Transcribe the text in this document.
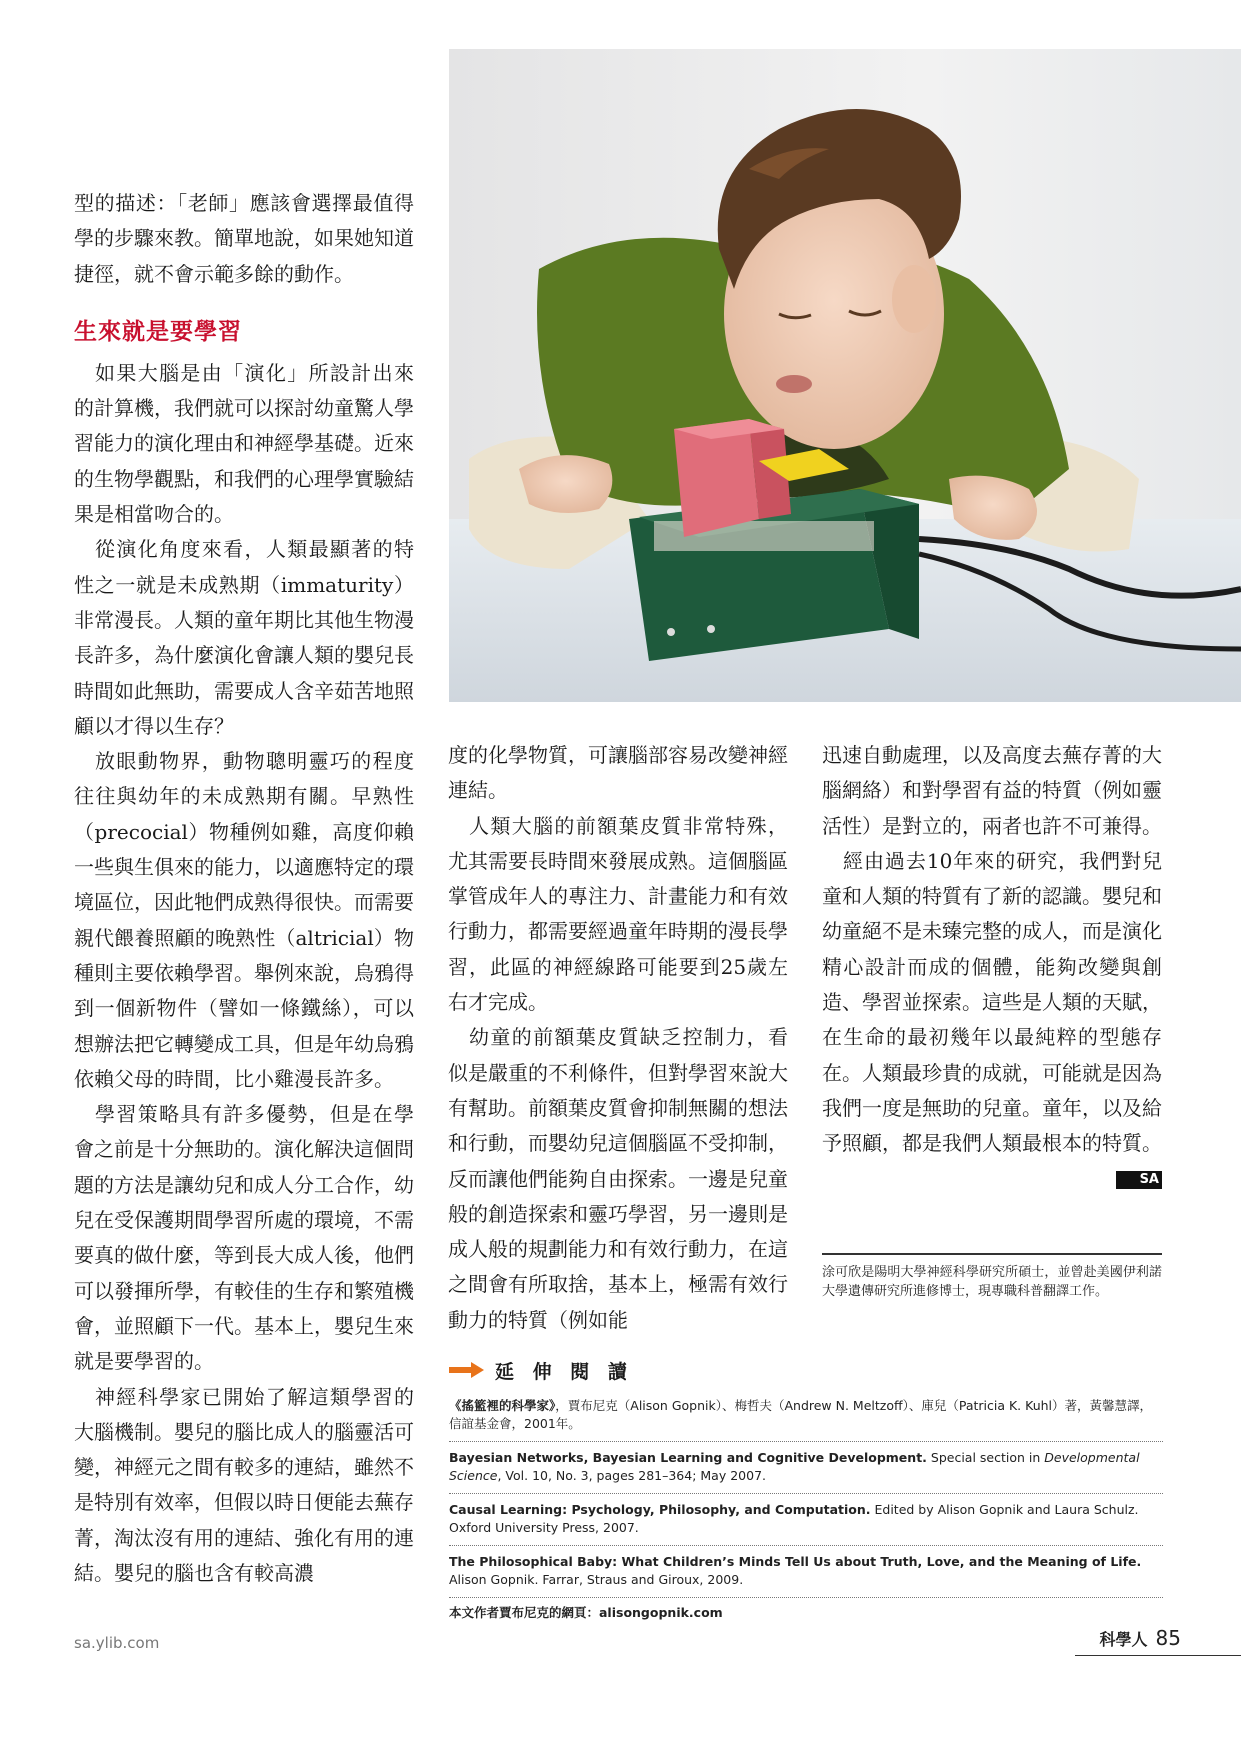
型的描述：「老師」應該會選擇最值得學的步驟來教。簡單地說，如果她知道捷徑，就不會示範多餘的動作。

生來就是要學習

如果大腦是由「演化」所設計出來的計算機，我們就可以探討幼童驚人學習能力的演化理由和神經學基礎。近來的生物學觀點，和我們的心理學實驗結果是相當吻合的。

從演化角度來看，人類最顯著的特性之一就是未成熟期（immaturity）非常漫長。人類的童年期比其他生物漫長許多，為什麼演化會讓人類的嬰兒長時間如此無助，需要成人含辛茹苦地照顧以才得以生存？

放眼動物界，動物聰明靈巧的程度往往與幼年的未成熟期有關。早熟性（precocial）物種例如雞，高度仰賴一些與生俱來的能力，以適應特定的環境區位，因此牠們成熟得很快。而需要親代餵養照顧的晚熟性（altricial）物種則主要依賴學習。舉例來說，烏鴉得到一個新物件（譬如一條鐵絲），可以想辦法把它轉變成工具，但是年幼烏鴉依賴父母的時間，比小雞漫長許多。

學習策略具有許多優勢，但是在學會之前是十分無助的。演化解決這個問題的方法是讓幼兒和成人分工合作，幼兒在受保護期間學習所處的環境，不需要真的做什麼，等到長大成人後，他們可以發揮所學，有較佳的生存和繁殖機會，並照顧下一代。基本上，嬰兒生來就是要學習的。

神經科學家已開始了解這類學習的大腦機制。嬰兒的腦比成人的腦靈活可變，神經元之間有較多的連結，雖然不是特別有效率，但假以時日便能去蕪存菁，淘汰沒有用的連結、強化有用的連結。嬰兒的腦也含有較高濃

度的化學物質，可讓腦部容易改變神經連結。

人類大腦的前額葉皮質非常特殊，尤其需要長時間來發展成熟。這個腦區掌管成年人的專注力、計畫能力和有效行動力，都需要經過童年時期的漫長學習，此區的神經線路可能要到25歲左右才完成。

幼童的前額葉皮質缺乏控制力，看似是嚴重的不利條件，但對學習來說大有幫助。前額葉皮質會抑制無關的想法和行動，而嬰幼兒這個腦區不受抑制，反而讓他們能夠自由探索。一邊是兒童般的創造探索和靈巧學習，另一邊則是成人般的規劃能力和有效行動力，在這之間會有所取捨，基本上，極需有效行動力的特質（例如能

迅速自動處理，以及高度去蕪存菁的大腦網絡）和對學習有益的特質（例如靈活性）是對立的，兩者也許不可兼得。

經由過去10年來的研究，我們對兒童和人類的特質有了新的認識。嬰兒和幼童絕不是未臻完整的成人，而是演化精心設計而成的個體，能夠改變與創造、學習並探索。這些是人類的天賦，在生命的最初幾年以最純粹的型態存在。人類最珍貴的成就，可能就是因為我們一度是無助的兒童。童年，以及給予照顧，都是我們人類最根本的特質。
SA

涂可欣是陽明大學神經科學研究所碩士，並曾赴美國伊利諾大學遺傳研究所進修博士，現專職科普翻譯工作。
延 伸 閱 讀
《搖籃裡的科學家》，賈布尼克（Alison Gopnik）、梅哲夫（Andrew N. Meltzoff）、庫兒（Patricia K. Kuhl）著，黃馨慧譯，信誼基金會，2001年。
Bayesian Networks, Bayesian Learning and Cognitive Development. Special section in Developmental Science, Vol. 10, No. 3, pages 281–364; May 2007.
Causal Learning: Psychology, Philosophy, and Computation. Edited by Alison Gopnik and Laura Schulz. Oxford University Press, 2007.
The Philosophical Baby: What Children’s Minds Tell Us about Truth, Love, and the Meaning of Life. Alison Gopnik. Farrar, Straus and Giroux, 2009.
本文作者賈布尼克的網頁：alisongopnik.com
sa.ylib.com	科學人 85
